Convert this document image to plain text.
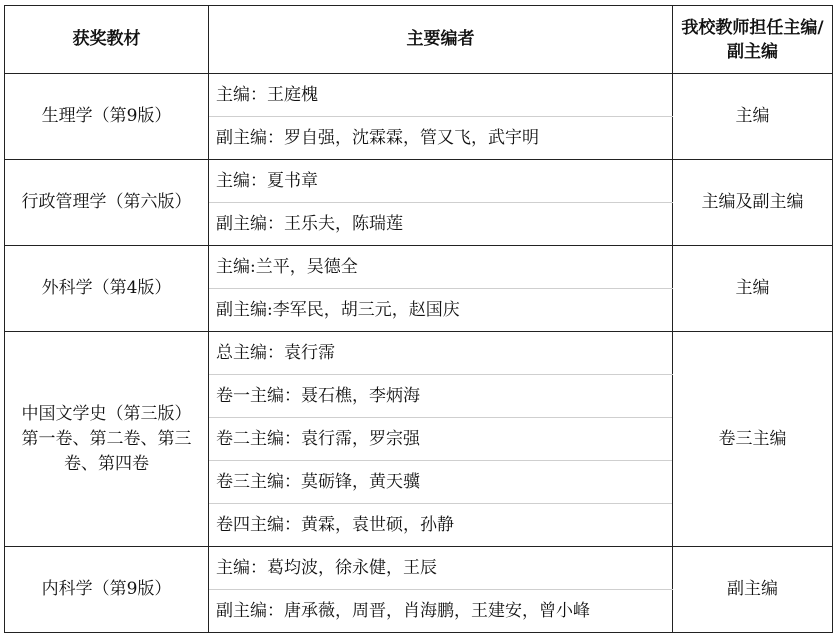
获奖教材	主要编者	我校教师担任主编/副主编
生理学（第9版）	主编：王庭槐	主编
	副主编：罗自强，沈霖霖，管又飞，武宇明	
行政管理学（第六版）	主编：夏书章	主编及副主编
	副主编：王乐夫，陈瑞莲	
外科学（第4版）	主编:兰平，吴德全	主编
	副主编:李军民，胡三元，赵国庆	
中国文学史（第三版）第一卷、第二卷、第三卷、第四卷	总主编：袁行霈	卷三主编
	卷一主编：聂石樵，李炳海	
	卷二主编：袁行霈，罗宗强	
	卷三主编：莫砺锋，黄天骥	
	卷四主编：黄霖，袁世硕，孙静	
内科学（第9版）	主编：葛均波，徐永健，王辰	副主编
	副主编：唐承薇，周晋，肖海鹏，王建安，曾小峰	
